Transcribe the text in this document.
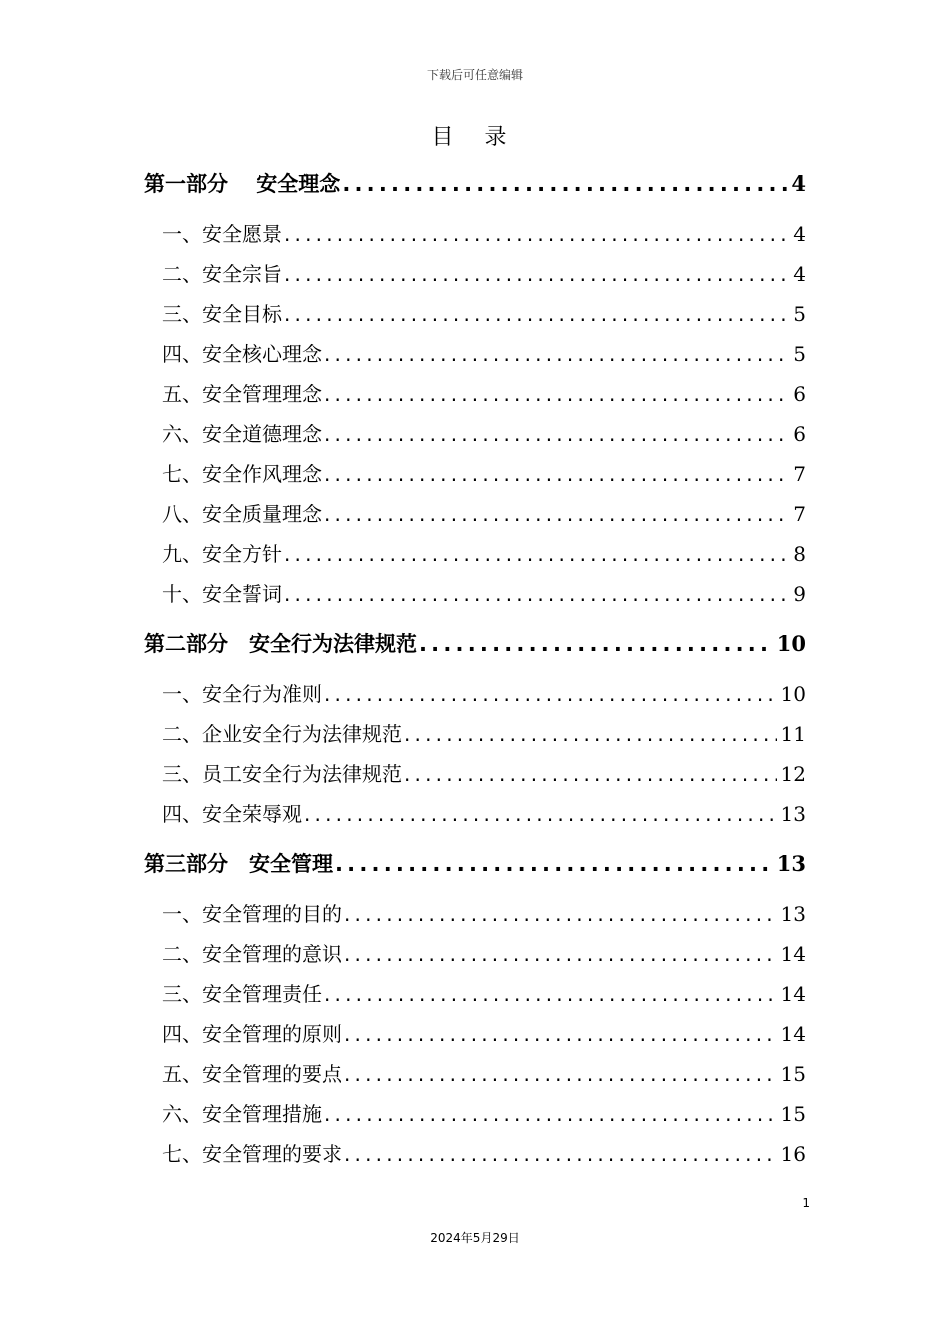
下载后可任意编辑
目 录
第一部分　 安全理念 .....	4
一、安全愿景 .....	4
二、安全宗旨 .....	4
三、安全目标 .....	5
四、安全核心理念 .....	5
五、安全管理理念 .....	6
六、安全道德理念 .....	6
七、安全作风理念 .....	7
八、安全质量理念 .....	7
九、安全方针 .....	8
十、安全誓词 .....	9
第二部分　安全行为法律规范 .....	10
一、安全行为准则 .....	10
二、企业安全行为法律规范 .....	11
三、员工安全行为法律规范 .....	12
四、安全荣辱观 .....	13
第三部分　安全管理 .....	13
一、安全管理的目的 .....	13
二、安全管理的意识 .....	14
三、安全管理责任 .....	14
四、安全管理的原则 .....	14
五、安全管理的要点 .....	15
六、安全管理措施 .....	15
七、安全管理的要求 .....	16
1
2024年5月29日
